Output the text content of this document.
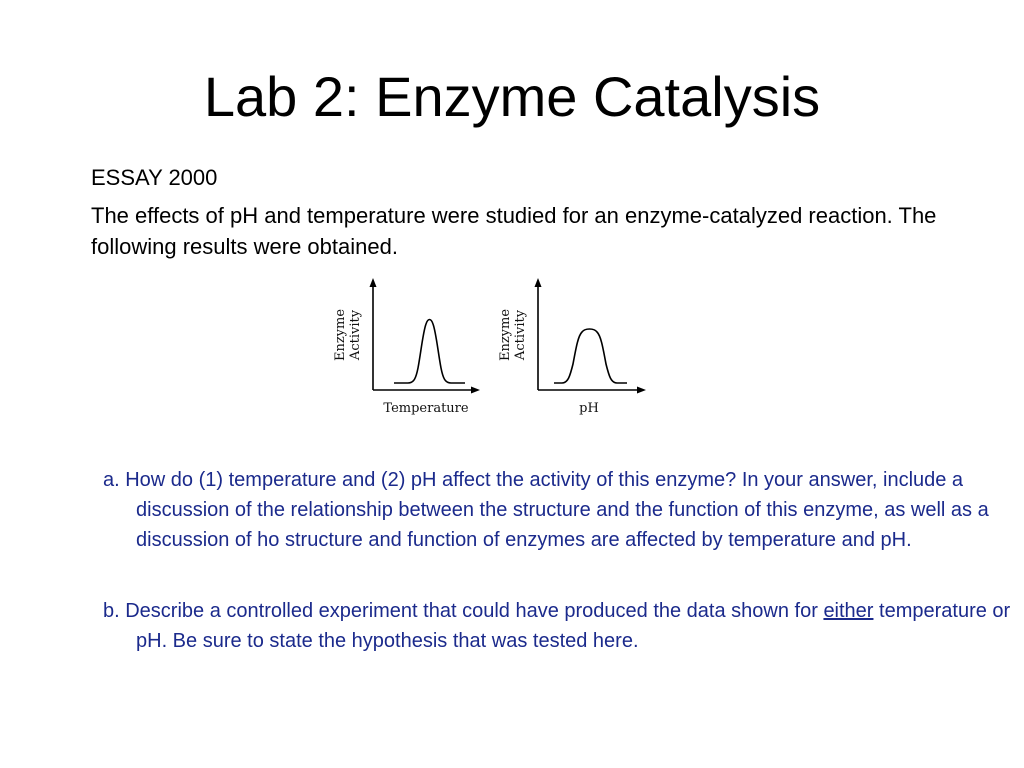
Lab 2: Enzyme Catalysis
ESSAY 2000
The effects of pH and temperature were studied for an enzyme-catalyzed reaction. The following results were obtained.
Enzyme Activity
Temperature
Enzyme Activity
pH
a. How do (1) temperature and (2) pH affect the activity of this enzyme? In your answer, include a discussion of the relationship between the structure and the function of this enzyme, as well as a discussion of ho structure and function of enzymes are affected by temperature and pH.
b. Describe a controlled experiment that could have produced the data shown for either temperature or pH. Be sure to state the hypothesis that was tested here.
